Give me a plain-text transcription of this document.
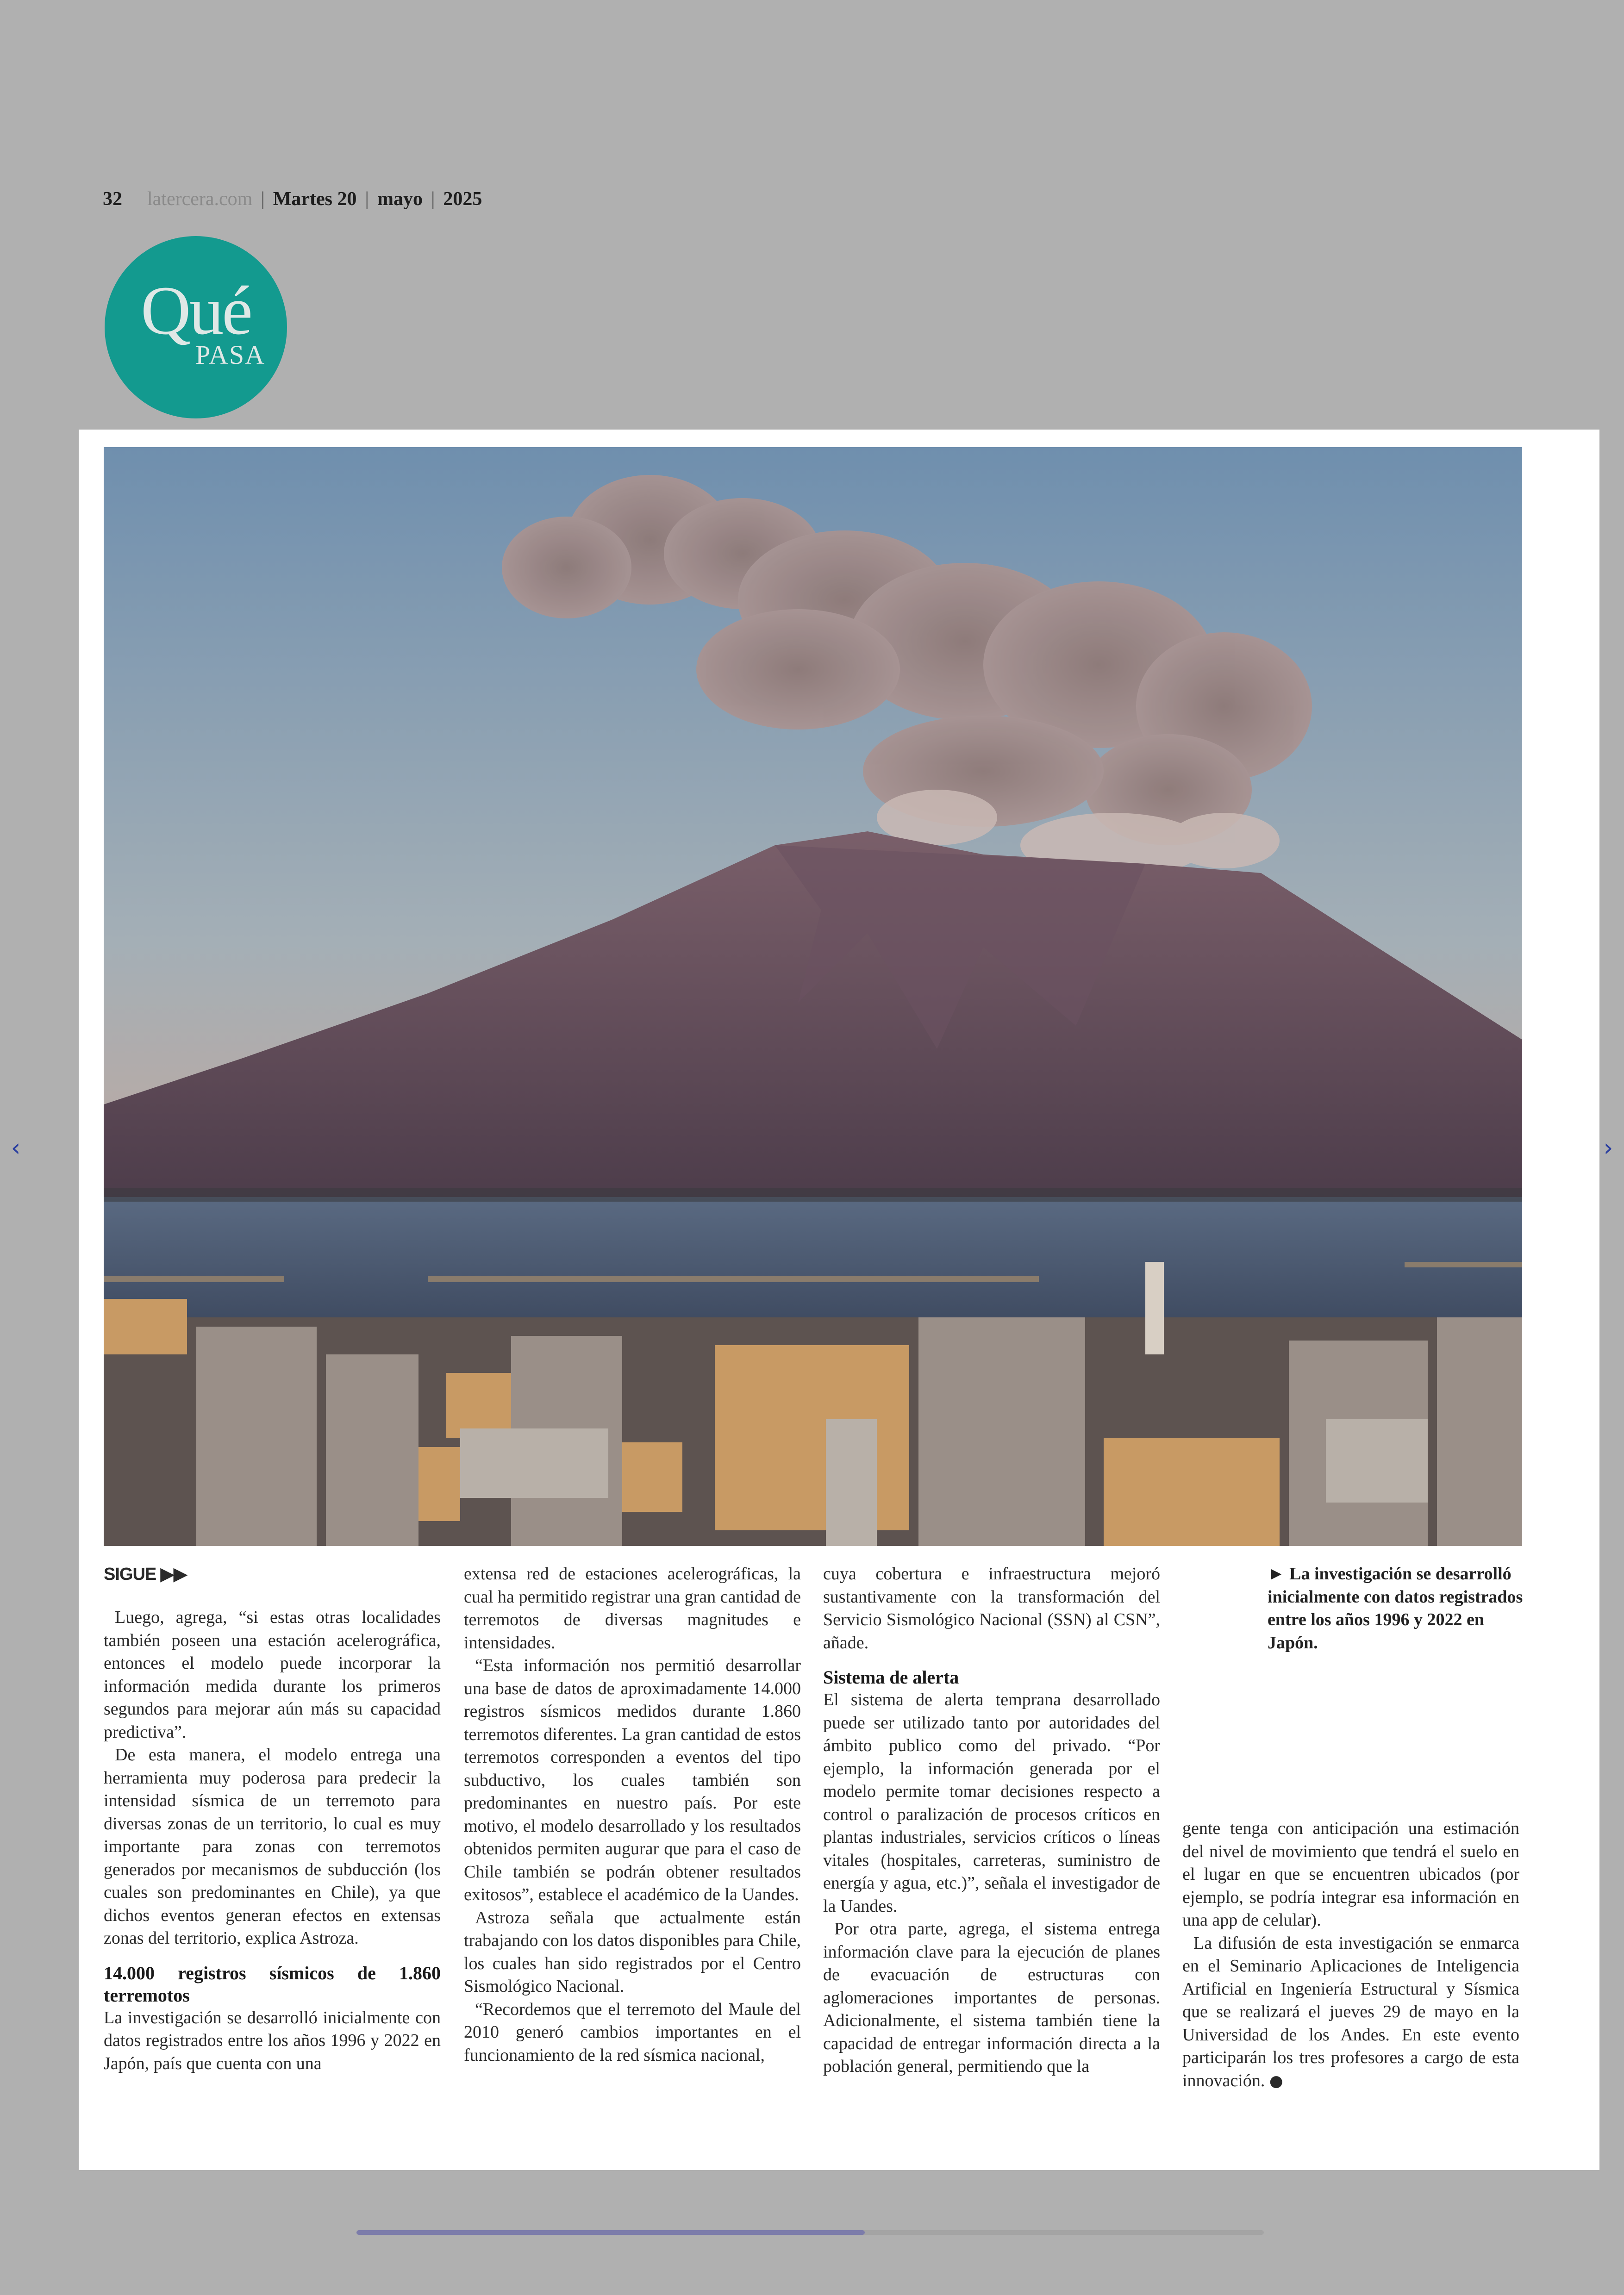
32 latercera.com | Martes 20 | mayo | 2025
Qué
PASA
SIGUE ▶▶

Luego, agrega, “si estas otras localidades también poseen una estación acelerográfica, entonces el modelo puede incorporar la información medida durante los primeros segundos para mejorar aún más su capacidad predictiva”.

De esta manera, el modelo entrega una herramienta muy poderosa para predecir la intensidad sísmica de un terremoto para diversas zonas de un territorio, lo cual es muy importante para zonas con terremotos generados por mecanismos de subducción (los cuales son predominantes en Chile), ya que dichos eventos generan efectos en extensas zonas del territorio, explica Astroza.

14.000 registros sísmicos de 1.860 terremotos

La investigación se desarrolló inicialmente con datos registrados entre los años 1996 y 2022 en Japón, país que cuenta con una

extensa red de estaciones acelerográficas, la cual ha permitido registrar una gran cantidad de terremotos de diversas magnitudes e intensidades.

“Esta información nos permitió desarrollar una base de datos de aproximadamente 14.000 registros sísmicos medidos durante 1.860 terremotos diferentes. La gran cantidad de estos terremotos corresponden a eventos del tipo subductivo, los cuales también son predominantes en nuestro país. Por este motivo, el modelo desarrollado y los resultados obtenidos permiten augurar que para el caso de Chile también se podrán obtener resultados exitosos”, establece el académico de la Uandes.

Astroza señala que actualmente están trabajando con los datos disponibles para Chile, los cuales han sido registrados por el Centro Sismológico Nacional.

“Recordemos que el terremoto del Maule del 2010 generó cambios importantes en el funcionamiento de la red sísmica nacional,

cuya cobertura e infraestructura mejoró sustantivamente con la transformación del Servicio Sismológico Nacional (SSN) al CSN”, añade.

Sistema de alerta

El sistema de alerta temprana desarrollado puede ser utilizado tanto por autoridades del ámbito publico como del privado. “Por ejemplo, la información generada por el modelo permite tomar decisiones respecto a control o paralización de procesos críticos en plantas industriales, servicios críticos o líneas vitales (hospitales, carreteras, suministro de energía y agua, etc.)”, señala el investigador de la Uandes.

Por otra parte, agrega, el sistema entrega información clave para la ejecución de planes de evacuación de estructuras con aglomeraciones importantes de personas. Adicionalmente, el sistema también tiene la capacidad de entregar información directa a la población general, permitiendo que la

► La investigación se desarrolló inicialmente con datos registrados entre los años 1996 y 2022 en Japón.

gente tenga con anticipación una estimación del nivel de movimiento que tendrá el suelo en el lugar en que se encuentren ubicados (por ejemplo, se podría integrar esa información en una app de celular).

La difusión de esta investigación se enmarca en el Seminario Aplicaciones de Inteligencia Artificial en Ingeniería Estructural y Sísmica que se realizará el jueves 29 de mayo en la Universidad de los Andes. En este evento participarán los tres profesores a cargo de esta innovación. ●

‹	›
